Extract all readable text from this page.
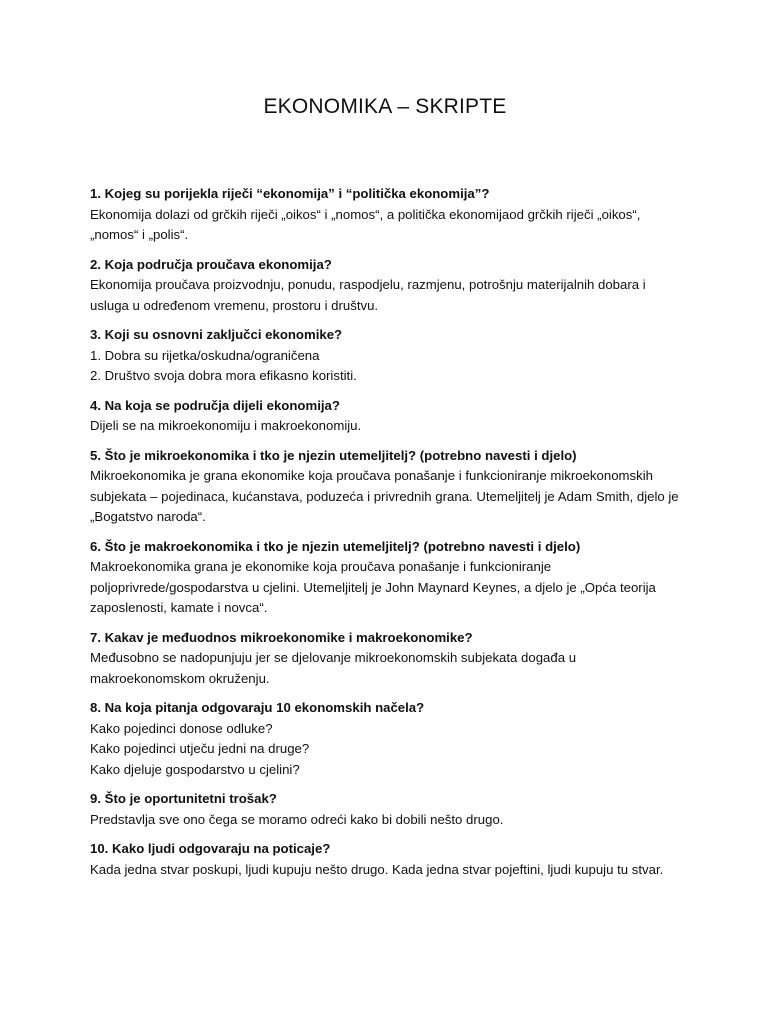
EKONOMIKA – SKRIPTE

1. Kojeg su porijekla riječi “ekonomija” i “politička ekonomija”?

Ekonomija dolazi od grčkih riječi „oikos“ i „nomos“, a politička ekonomijaod grčkih riječi „oikos“, „nomos“ i „polis“.

2. Koja područja proučava ekonomija?

Ekonomija proučava proizvodnju, ponudu, raspodjelu, razmjenu, potrošnju materijalnih dobara i usluga u određenom vremenu, prostoru i društvu.

3. Koji su osnovni zaključci ekonomike?

1. Dobra su rijetka/oskudna/ograničena
2. Društvo svoja dobra mora efikasno koristiti.

4. Na koja se područja dijeli ekonomija?

Dijeli se na mikroekonomiju i makroekonomiju.

5. Što je mikroekonomika i tko je njezin utemeljitelj? (potrebno navesti i djelo)

Mikroekonomika je grana ekonomike koja proučava ponašanje i funkcioniranje mikroekonomskih subjekata – pojedinaca, kućanstava, poduzeća i privrednih grana. Utemeljitelj je Adam Smith, djelo je „Bogatstvo naroda“.

6. Što je makroekonomika i tko je njezin utemeljitelj? (potrebno navesti i djelo)

Makroekonomika grana je ekonomike koja proučava ponašanje i funkcioniranje poljoprivrede/gospodarstva u cjelini. Utemeljitelj je John Maynard Keynes, a djelo je „Opća teorija zaposlenosti, kamate i novca“.

7. Kakav je međuodnos mikroekonomike i makroekonomike?

Međusobno se nadopunjuju jer se djelovanje mikroekonomskih subjekata događa u makroekonomskom okruženju.

8. Na koja pitanja odgovaraju 10 ekonomskih načela?

Kako pojedinci donose odluke?
Kako pojedinci utječu jedni na druge?
Kako djeluje gospodarstvo u cjelini?

9. Što je oportunitetni trošak?

Predstavlja sve ono čega se moramo odreći kako bi dobili nešto drugo.

10. Kako ljudi odgovaraju na poticaje?

Kada jedna stvar poskupi, ljudi kupuju nešto drugo. Kada jedna stvar pojeftini, ljudi kupuju tu stvar.
